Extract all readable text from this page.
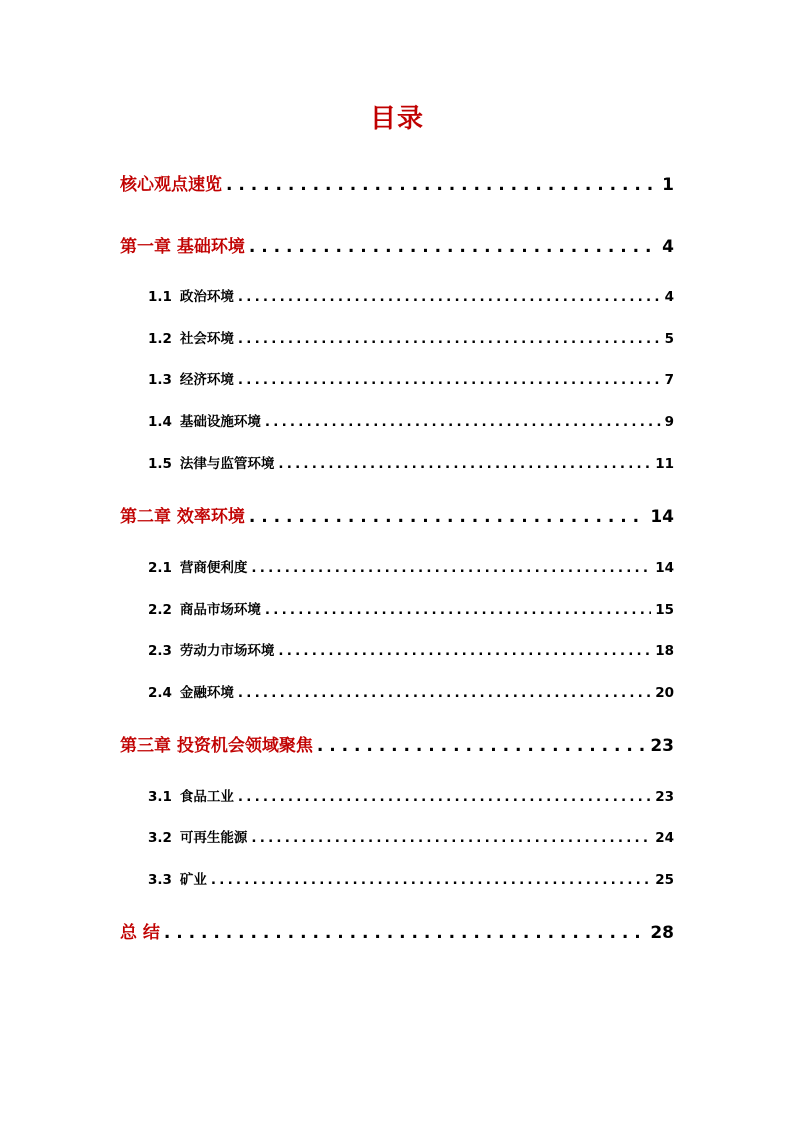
目录
核心观点速览 . . .	1
第一章 基础环境 . . .	4
1.1 政治环境 .....	4
1.2 社会环境 .....	5
1.3 经济环境 .....	7
1.4 基础设施环境 .....	9
1.5 法律与监管环境 .....	11
第二章 效率环境 . . .	14
2.1 营商便利度 .....	14
2.2 商品市场环境 .....	15
2.3 劳动力市场环境 .....	18
2.4 金融环境 .....	20
第三章 投资机会领域聚焦 . . .	23
3.1 食品工业 .....	23
3.2 可再生能源 .....	24
3.3 矿业 .....	25
总 结 . . .	28
